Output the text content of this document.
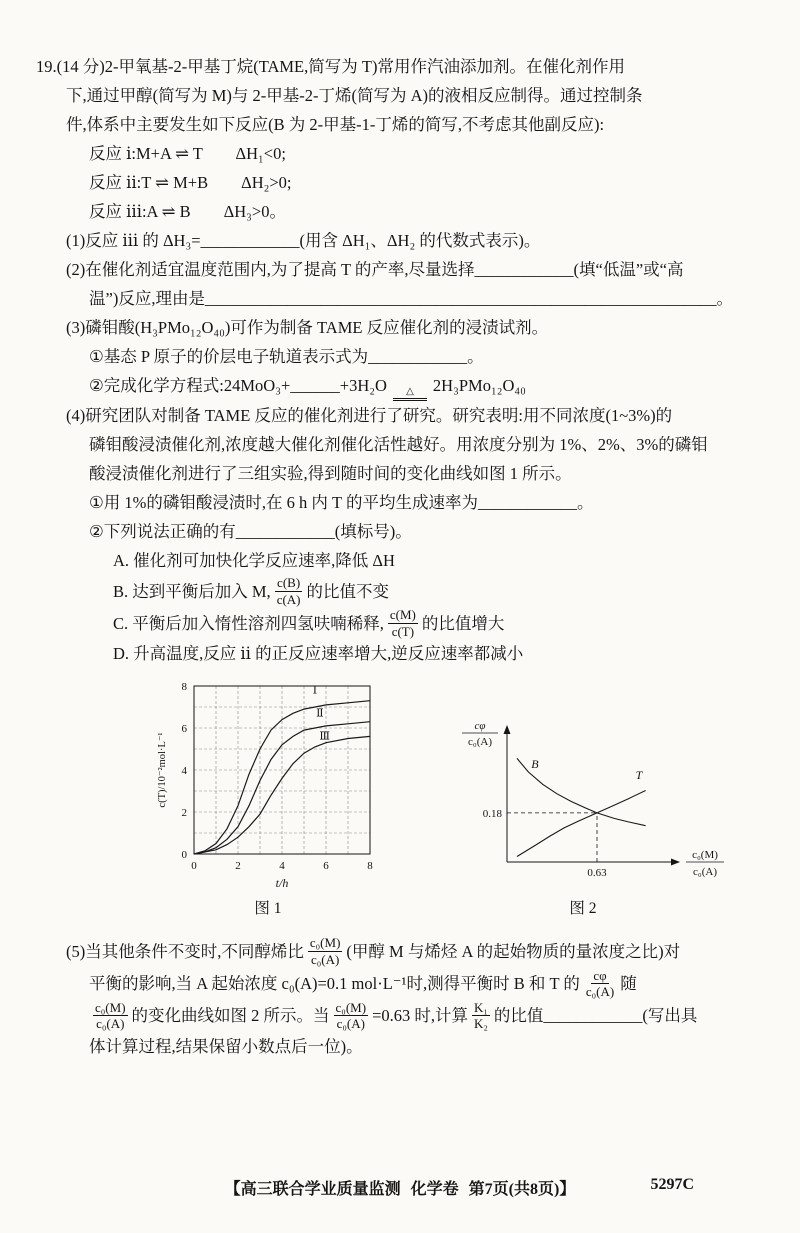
19.(14 分)2-甲氧基-2-甲基丁烷(TAME,简写为 T)常用作汽油添加剂。在催化剂作用

下,通过甲醇(简写为 M)与 2-甲基-2-丁烯(简写为 A)的液相反应制得。通过控制条

件,体系中主要发生如下反应(B 为 2-甲基-1-丁烯的简写,不考虑其他副反应):

反应 ⅰ:M+A ⇌ T　　ΔH₁<0;

反应 ⅱ:T ⇌ M+B　　ΔH₂>0;

反应 ⅲ:A ⇌ B　　ΔH₃>0。

(1)反应 ⅲ 的 ΔH₃=____________(用含 ΔH₁、ΔH₂ 的代数式表示)。

(2)在催化剂适宜温度范围内,为了提高 T 的产率,尽量选择____________(填“低温”或“高

温”)反应,理由是______________________________________________________________。

(3)磷钼酸(H₃PMo₁₂O₄₀)可作为制备 TAME 反应催化剂的浸渍试剂。

①基态 P 原子的价层电子轨道表示式为____________。

②完成化学方程式:24MoO₃+______+3H₂O △ 2H₃PMo₁₂O₄₀

(4)研究团队对制备 TAME 反应的催化剂进行了研究。研究表明:用不同浓度(1~3%)的

磷钼酸浸渍催化剂,浓度越大催化剂催化活性越好。用浓度分别为 1%、2%、3%的磷钼

酸浸渍催化剂进行了三组实验,得到随时间的变化曲线如图 1 所示。

①用 1%的磷钼酸浸渍时,在 6 h 内 T 的平均生成速率为____________。

②下列说法正确的有____________(填标号)。

A. 催化剂可加快化学反应速率,降低 ΔH

B. 达到平衡后加入 M, $\frac{c(B)}{c(A)}$ 的比值不变

C. 平衡后加入惰性溶剂四氢呋喃稀释, $\frac{c(M)}{c(T)}$ 的比值增大

D. 升高温度,反应 ⅱ 的正反应速率增大,逆反应速率都减小

0	2	4	6	8
0
2
4
6
8	Ⅰ
Ⅱ
Ⅲ
t/h
c(T)/10⁻²mol·L⁻¹
图 1
0.18
0.63
B
T
cφ
c₀(A)
c₀(M)
c₀(A)
图 2

(5)当其他条件不变时,不同醇烯比 $\frac{\text{c₀(M)}}{\text{c₀(A)}}$ (甲醇 M 与烯烃 A 的起始物质的量浓度之比)对

平衡的影响,当 A 起始浓度 c₀(A)=0.1 mol·L⁻¹时,测得平衡时 B 和 T 的 $\frac{c\varphi}{\text{c₀(A)}}$ 随

$\frac{\text{c₀(M)}}{\text{c₀(A)}}$ 的变化曲线如图 2 所示。当 $\frac{\text{c₀(M)}}{\text{c₀(A)}} =0.63$ 时,计算 $\frac{\text{K₁}}{\text{K₂}}$ 的比值____________(写出具

体计算过程,结果保留小数点后一位)。

【高三联合学业质量监测 化学卷 第7页(共8页)】	5297C
